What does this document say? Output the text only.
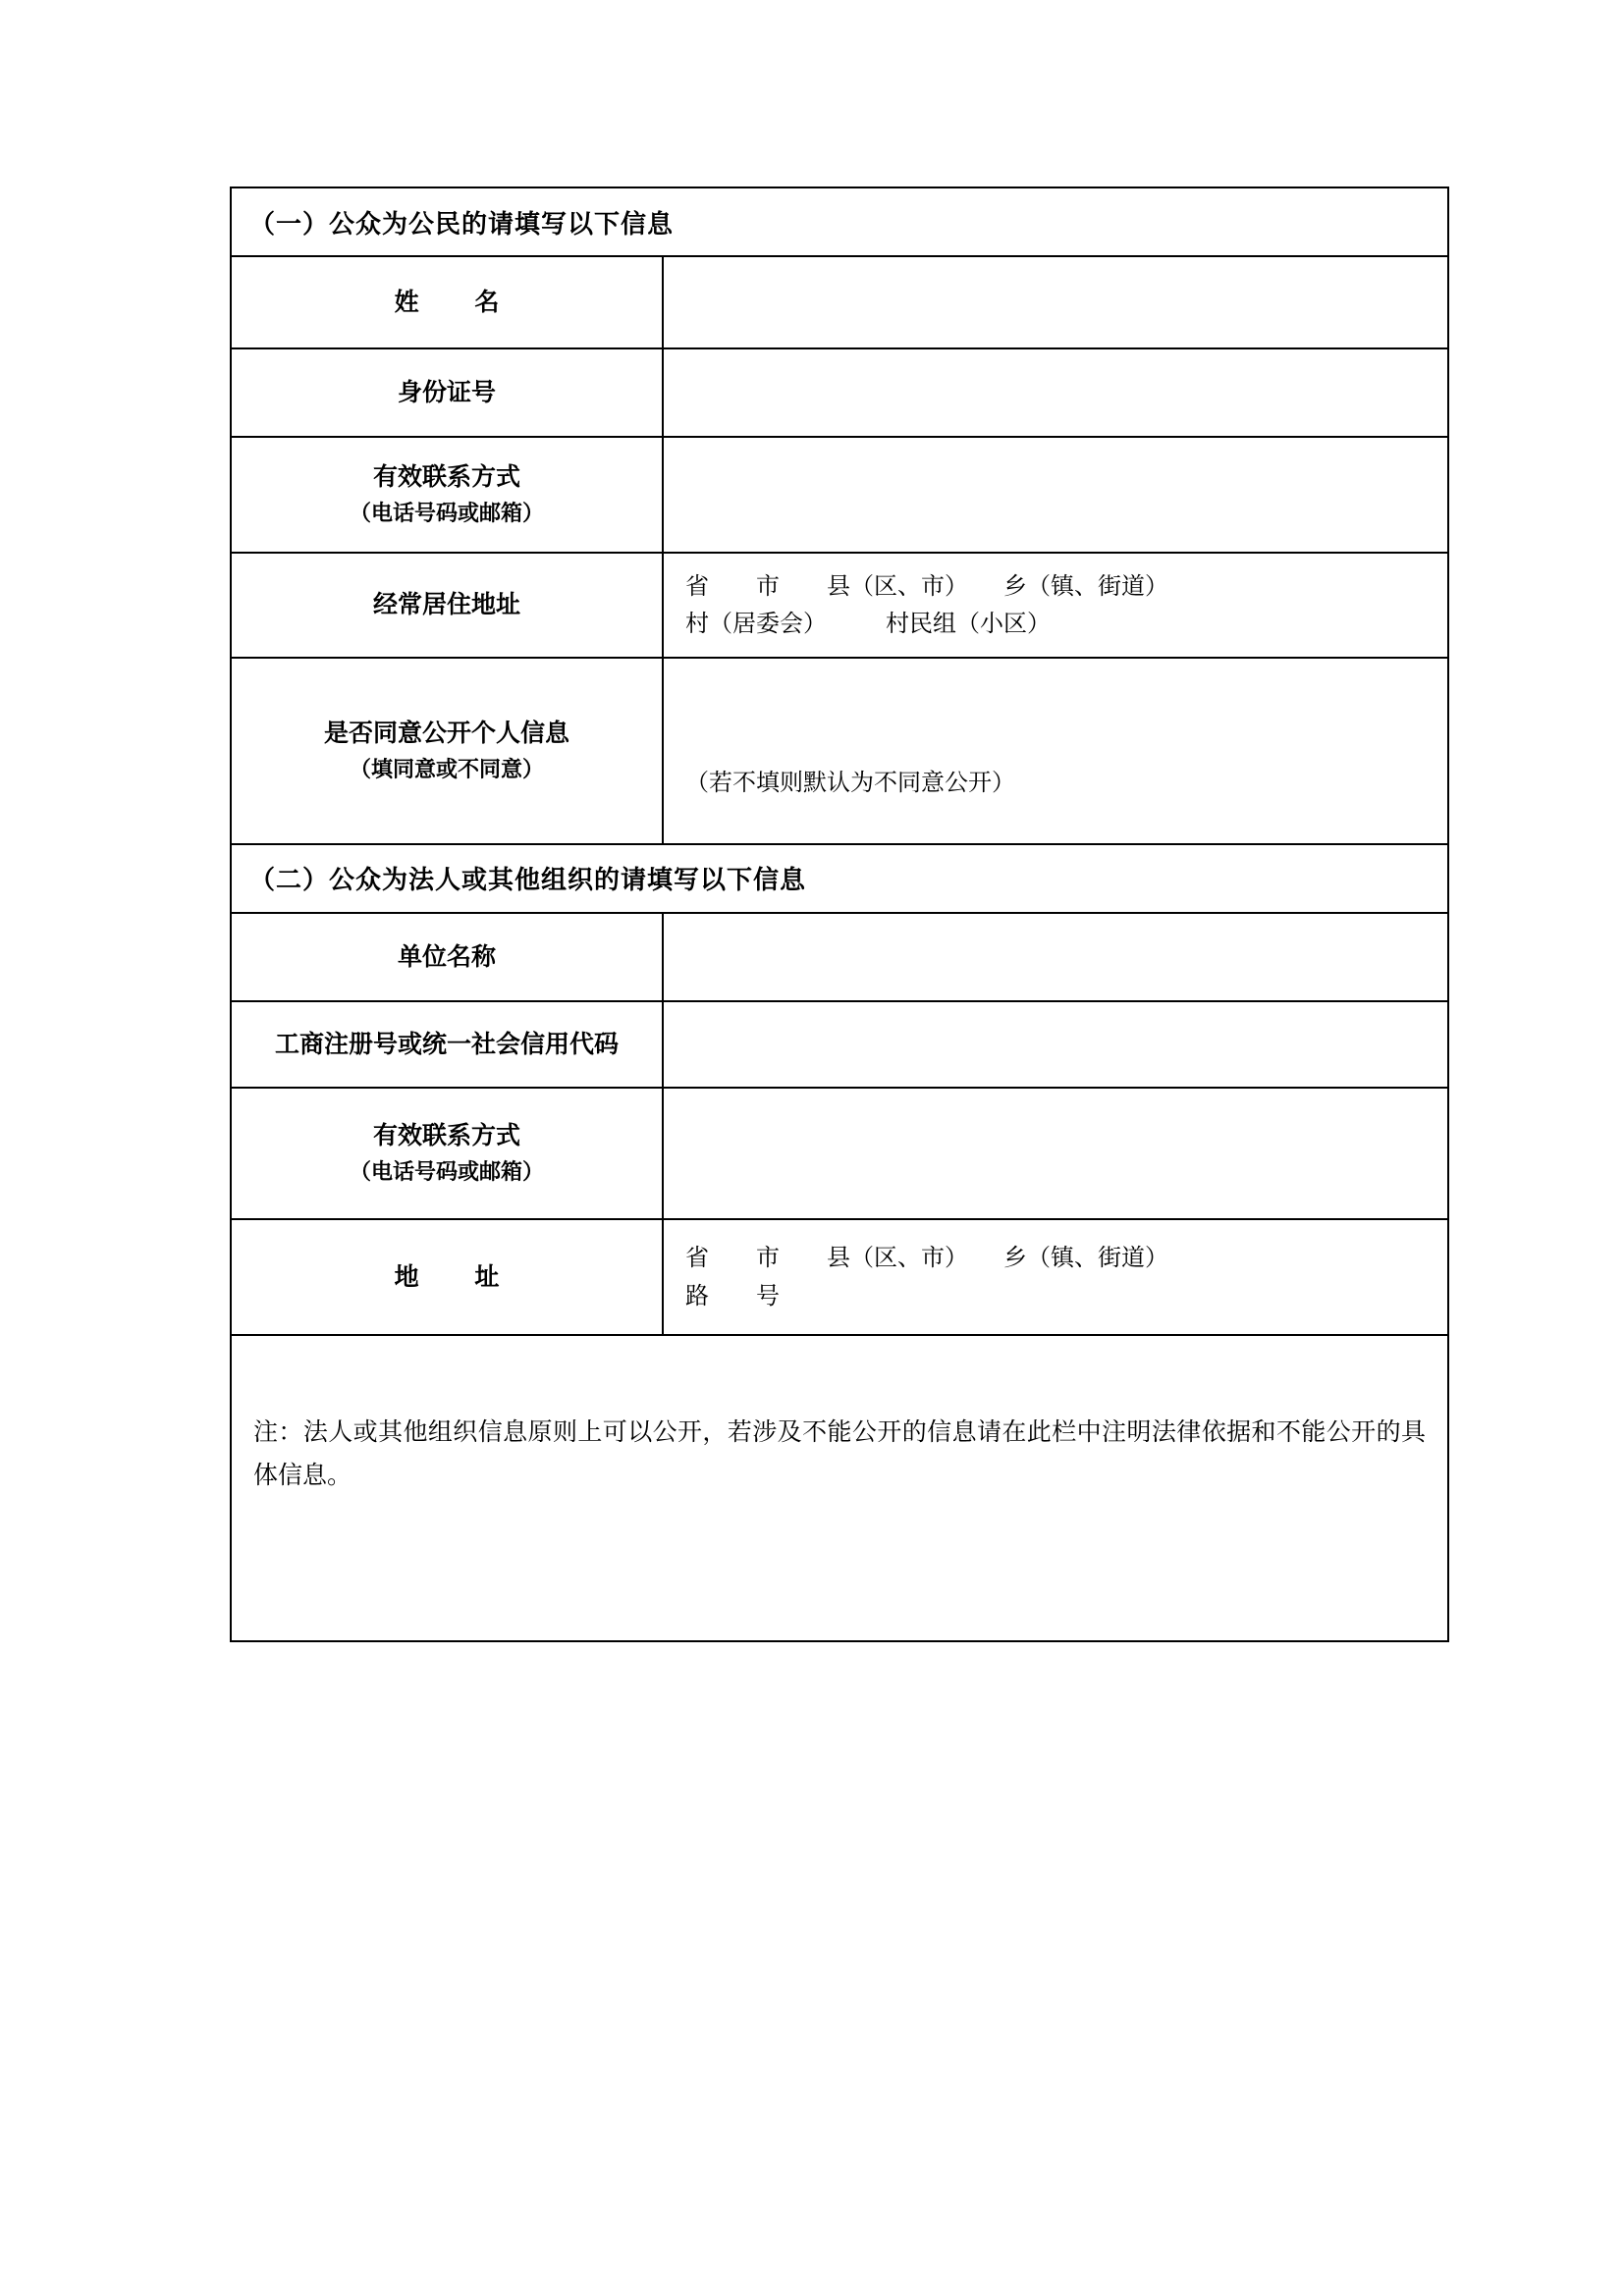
（一）公众为公民的请填写以下信息	
姓 名	
身份证号	
有效联系方式
（电话号码或邮箱）	

经常居住地址	省　　市　　县（区、市）　　乡（镇、街道）
村（居委会）　　　村民组（小区）

是否同意公开个人信息
（填同意或不同意）	（若不填则默认为不同意公开）

（二）公众为法人或其他组织的请填写以下信息	
单位名称	
工商注册号或统一社会信用代码	
有效联系方式
（电话号码或邮箱）	

地 址	省　　市　　县（区、市）　　乡（镇、街道）
路　　号

注：法人或其他组织信息原则上可以公开，若涉及不能公开的信息请在此栏中注明法律依据和不能公开的具体信息。	
